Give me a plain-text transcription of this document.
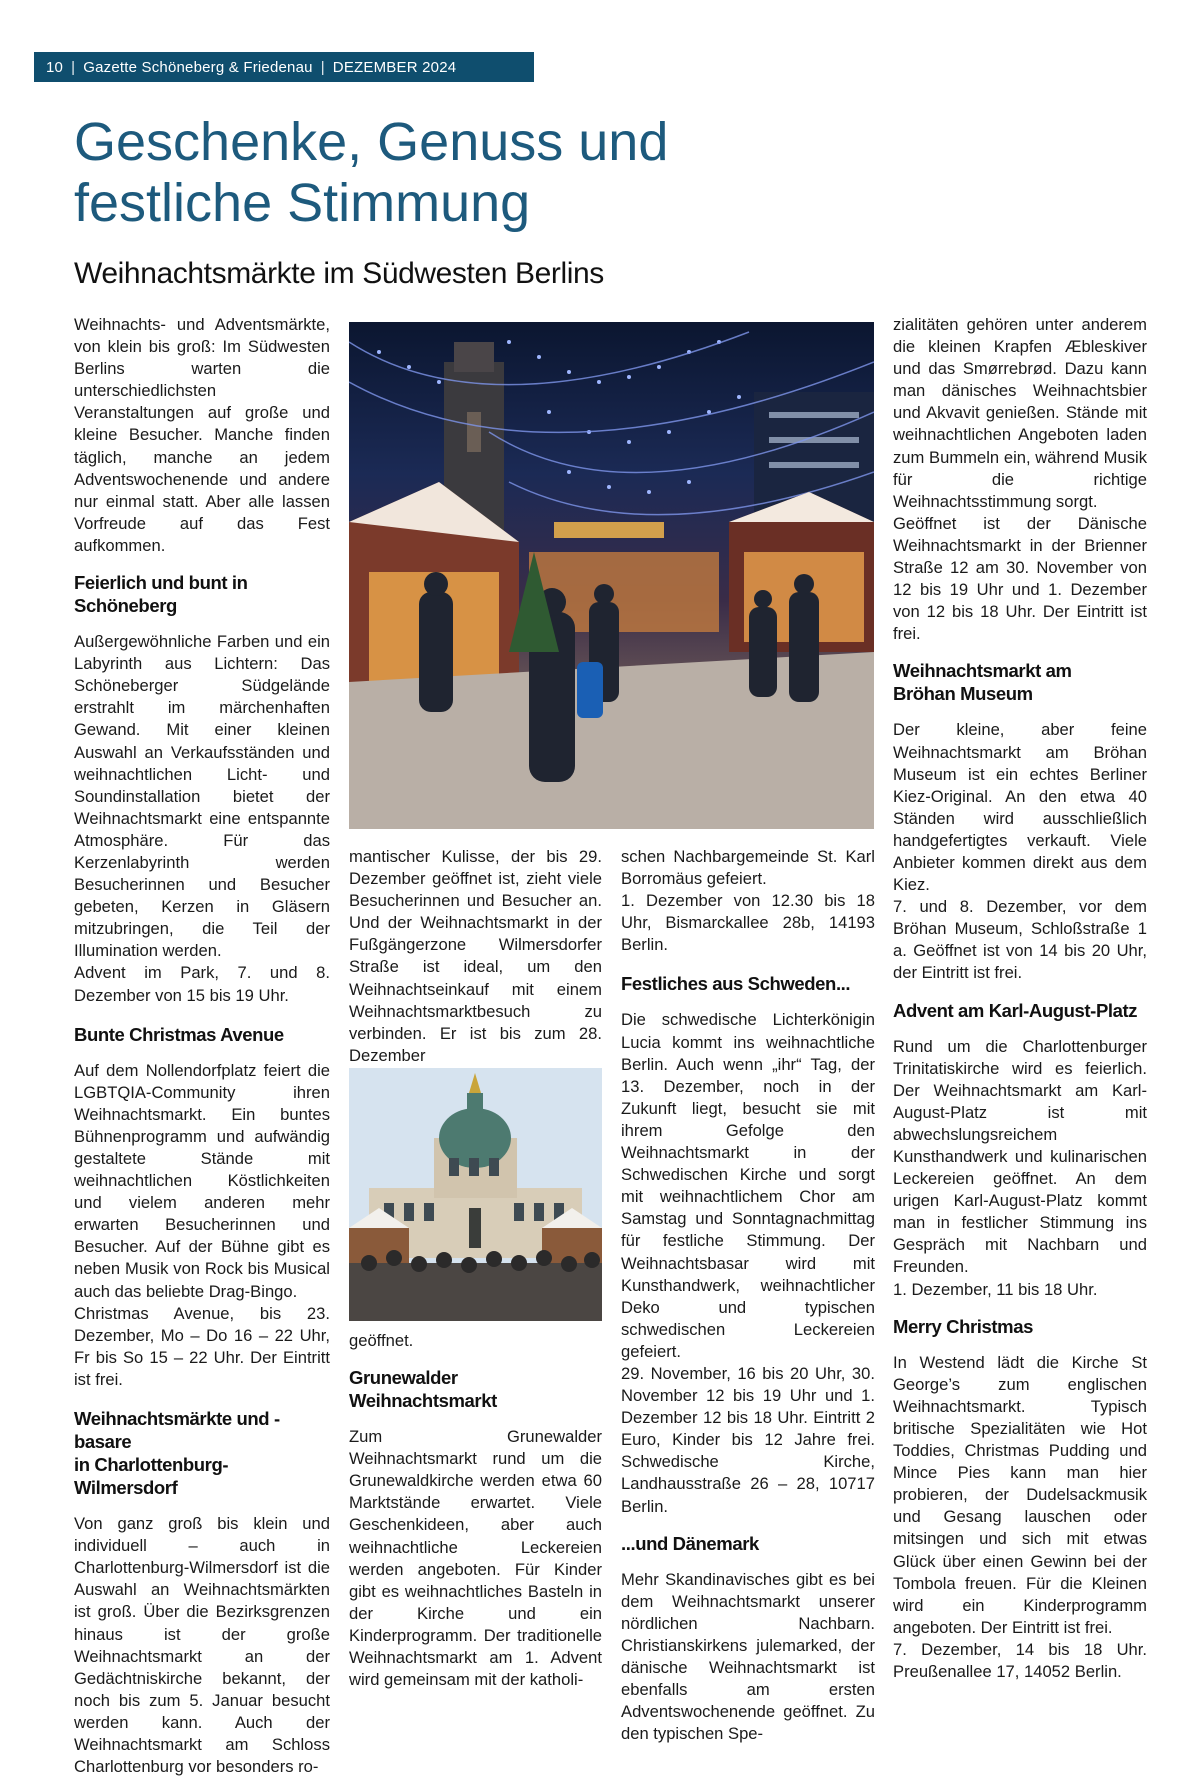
10 | Gazette Schöneberg & Friedenau | DEZEMBER 2024
Geschenke, Genuss und
festliche Stimmung
Weihnachtsmärkte im Südwesten Berlins

Weihnachts- und Adventsmärkte, von klein bis groß: Im Südwesten Berlins warten die unterschiedlichsten Veranstaltungen auf große und kleine Besucher. Manche finden täglich, manche an jedem Adventswochenende und andere nur einmal statt. Aber alle lassen Vorfreude auf das Fest aufkommen.

Feierlich und bunt in Schöneberg

Außergewöhnliche Farben und ein Labyrinth aus Lichtern: Das Schöneberger Südgelände erstrahlt im märchenhaften Gewand. Mit einer kleinen Auswahl an Verkaufsständen und weihnachtlichen Licht- und Soundinstallation bietet der Weihnachtsmarkt eine entspannte Atmosphäre. Für das Kerzenlabyrinth werden Besucherinnen und Besucher gebeten, Kerzen in Gläsern mitzubringen, die Teil der Illumination werden.

Advent im Park, 7. und 8. Dezember von 15 bis 19 Uhr.

Bunte Christmas Avenue

Auf dem Nollendorfplatz feiert die LGBTQIA-Community ihren Weihnachtsmarkt. Ein buntes Bühnenprogramm und aufwändig gestaltete Stände mit weihnachtlichen Köstlichkeiten und vielem anderen mehr erwarten Besucherinnen und Besucher. Auf der Bühne gibt es neben Musik von Rock bis Musical auch das beliebte Drag-Bingo.

Christmas Avenue, bis 23. Dezember, Mo – Do 16 – 22 Uhr, Fr bis So 15 – 22 Uhr. Der Eintritt ist frei.

Weihnachtsmärkte und -basare
in Charlottenburg-Wilmersdorf

Von ganz groß bis klein und individuell – auch in Charlottenburg-Wilmersdorf ist die Auswahl an Weihnachtsmärkten ist groß. Über die Bezirksgrenzen hinaus ist der große Weihnachtsmarkt an der Gedächtniskirche bekannt, der noch bis zum 5. Januar besucht werden kann. Auch der Weihnachtsmarkt am Schloss Charlottenburg vor besonders ro-

mantischer Kulisse, der bis 29. Dezember geöffnet ist, zieht viele Besucherinnen und Besucher an. Und der Weihnachtsmarkt in der Fußgängerzone Wilmersdorfer Straße ist ideal, um den Weihnachtseinkauf mit einem Weihnachtsmarktbesuch zu verbinden. Er ist bis zum 28. Dezember

geöffnet.

Grunewalder Weihnachtsmarkt

Zum Grunewalder Weihnachtsmarkt rund um die Grunewaldkirche werden etwa 60 Marktstände erwartet. Viele Geschenkideen, aber auch weihnachtliche Leckereien werden angeboten. Für Kinder gibt es weihnachtliches Basteln in der Kirche und ein Kinderprogramm. Der traditionelle Weihnachtsmarkt am 1. Advent wird gemeinsam mit der katholi-

schen Nachbargemeinde St. Karl Borromäus gefeiert.

1. Dezember von 12.30 bis 18 Uhr, Bismarckallee 28b, 14193 Berlin.

Festliches aus Schweden...

Die schwedische Lichterkönigin Lucia kommt ins weihnachtliche Berlin. Auch wenn „ihr“ Tag, der 13. Dezember, noch in der Zukunft liegt, besucht sie mit ihrem Gefolge den Weihnachtsmarkt in der Schwedischen Kirche und sorgt mit weihnachtlichem Chor am Samstag und Sonntagnachmittag für festliche Stimmung. Der Weihnachtsbasar wird mit Kunsthandwerk, weihnachtlicher Deko und typischen schwedischen Leckereien gefeiert.

29. November, 16 bis 20 Uhr, 30. November 12 bis 19 Uhr und 1. Dezember 12 bis 18 Uhr. Eintritt 2 Euro, Kinder bis 12 Jahre frei. Schwedische Kirche, Landhausstraße 26 – 28, 10717 Berlin.

...und Dänemark

Mehr Skandinavisches gibt es bei dem Weihnachtsmarkt unserer nördlichen Nachbarn. Christianskirkens julemarked, der dänische Weihnachtsmarkt ist ebenfalls am ersten Adventswochenende geöffnet. Zu den typischen Spe-

zialitäten gehören unter anderem die kleinen Krapfen Æbleskiver und das Smørrebrød. Dazu kann man dänisches Weihnachtsbier und Akvavit genießen. Stände mit weihnachtlichen Angeboten laden zum Bummeln ein, während Musik für die richtige Weihnachtsstimmung sorgt.

Geöffnet ist der Dänische Weihnachtsmarkt in der Brienner Straße 12 am 30. November von 12 bis 19 Uhr und 1. Dezember von 12 bis 18 Uhr. Der Eintritt ist frei.

Weihnachtsmarkt am
Bröhan Museum

Der kleine, aber feine Weihnachtsmarkt am Bröhan Museum ist ein echtes Berliner Kiez-Original. An den etwa 40 Ständen wird ausschließlich handgefertigtes verkauft. Viele Anbieter kommen direkt aus dem Kiez.

7. und 8. Dezember, vor dem Bröhan Museum, Schloßstraße 1 a. Geöffnet ist von 14 bis 20 Uhr, der Eintritt ist frei.

Advent am Karl-August-Platz

Rund um die Charlottenburger Trinitatiskirche wird es feierlich. Der Weihnachtsmarkt am Karl-August-Platz ist mit abwechslungsreichem Kunsthandwerk und kulinarischen Leckereien geöffnet. An dem urigen Karl-August-Platz kommt man in festlicher Stimmung ins Gespräch mit Nachbarn und Freunden.

1. Dezember, 11 bis 18 Uhr.

Merry Christmas

In Westend lädt die Kirche St George’s zum englischen Weihnachtsmarkt. Typisch britische Spezialitäten wie Hot Toddies, Christmas Pudding und Mince Pies kann man hier probieren, der Dudelsackmusik und Gesang lauschen oder mitsingen und sich mit etwas Glück über einen Gewinn bei der Tombola freuen. Für die Kleinen wird ein Kinderprogramm angeboten. Der Eintritt ist frei.

7. Dezember, 14 bis 18 Uhr. Preußenallee 17, 14052 Berlin.
